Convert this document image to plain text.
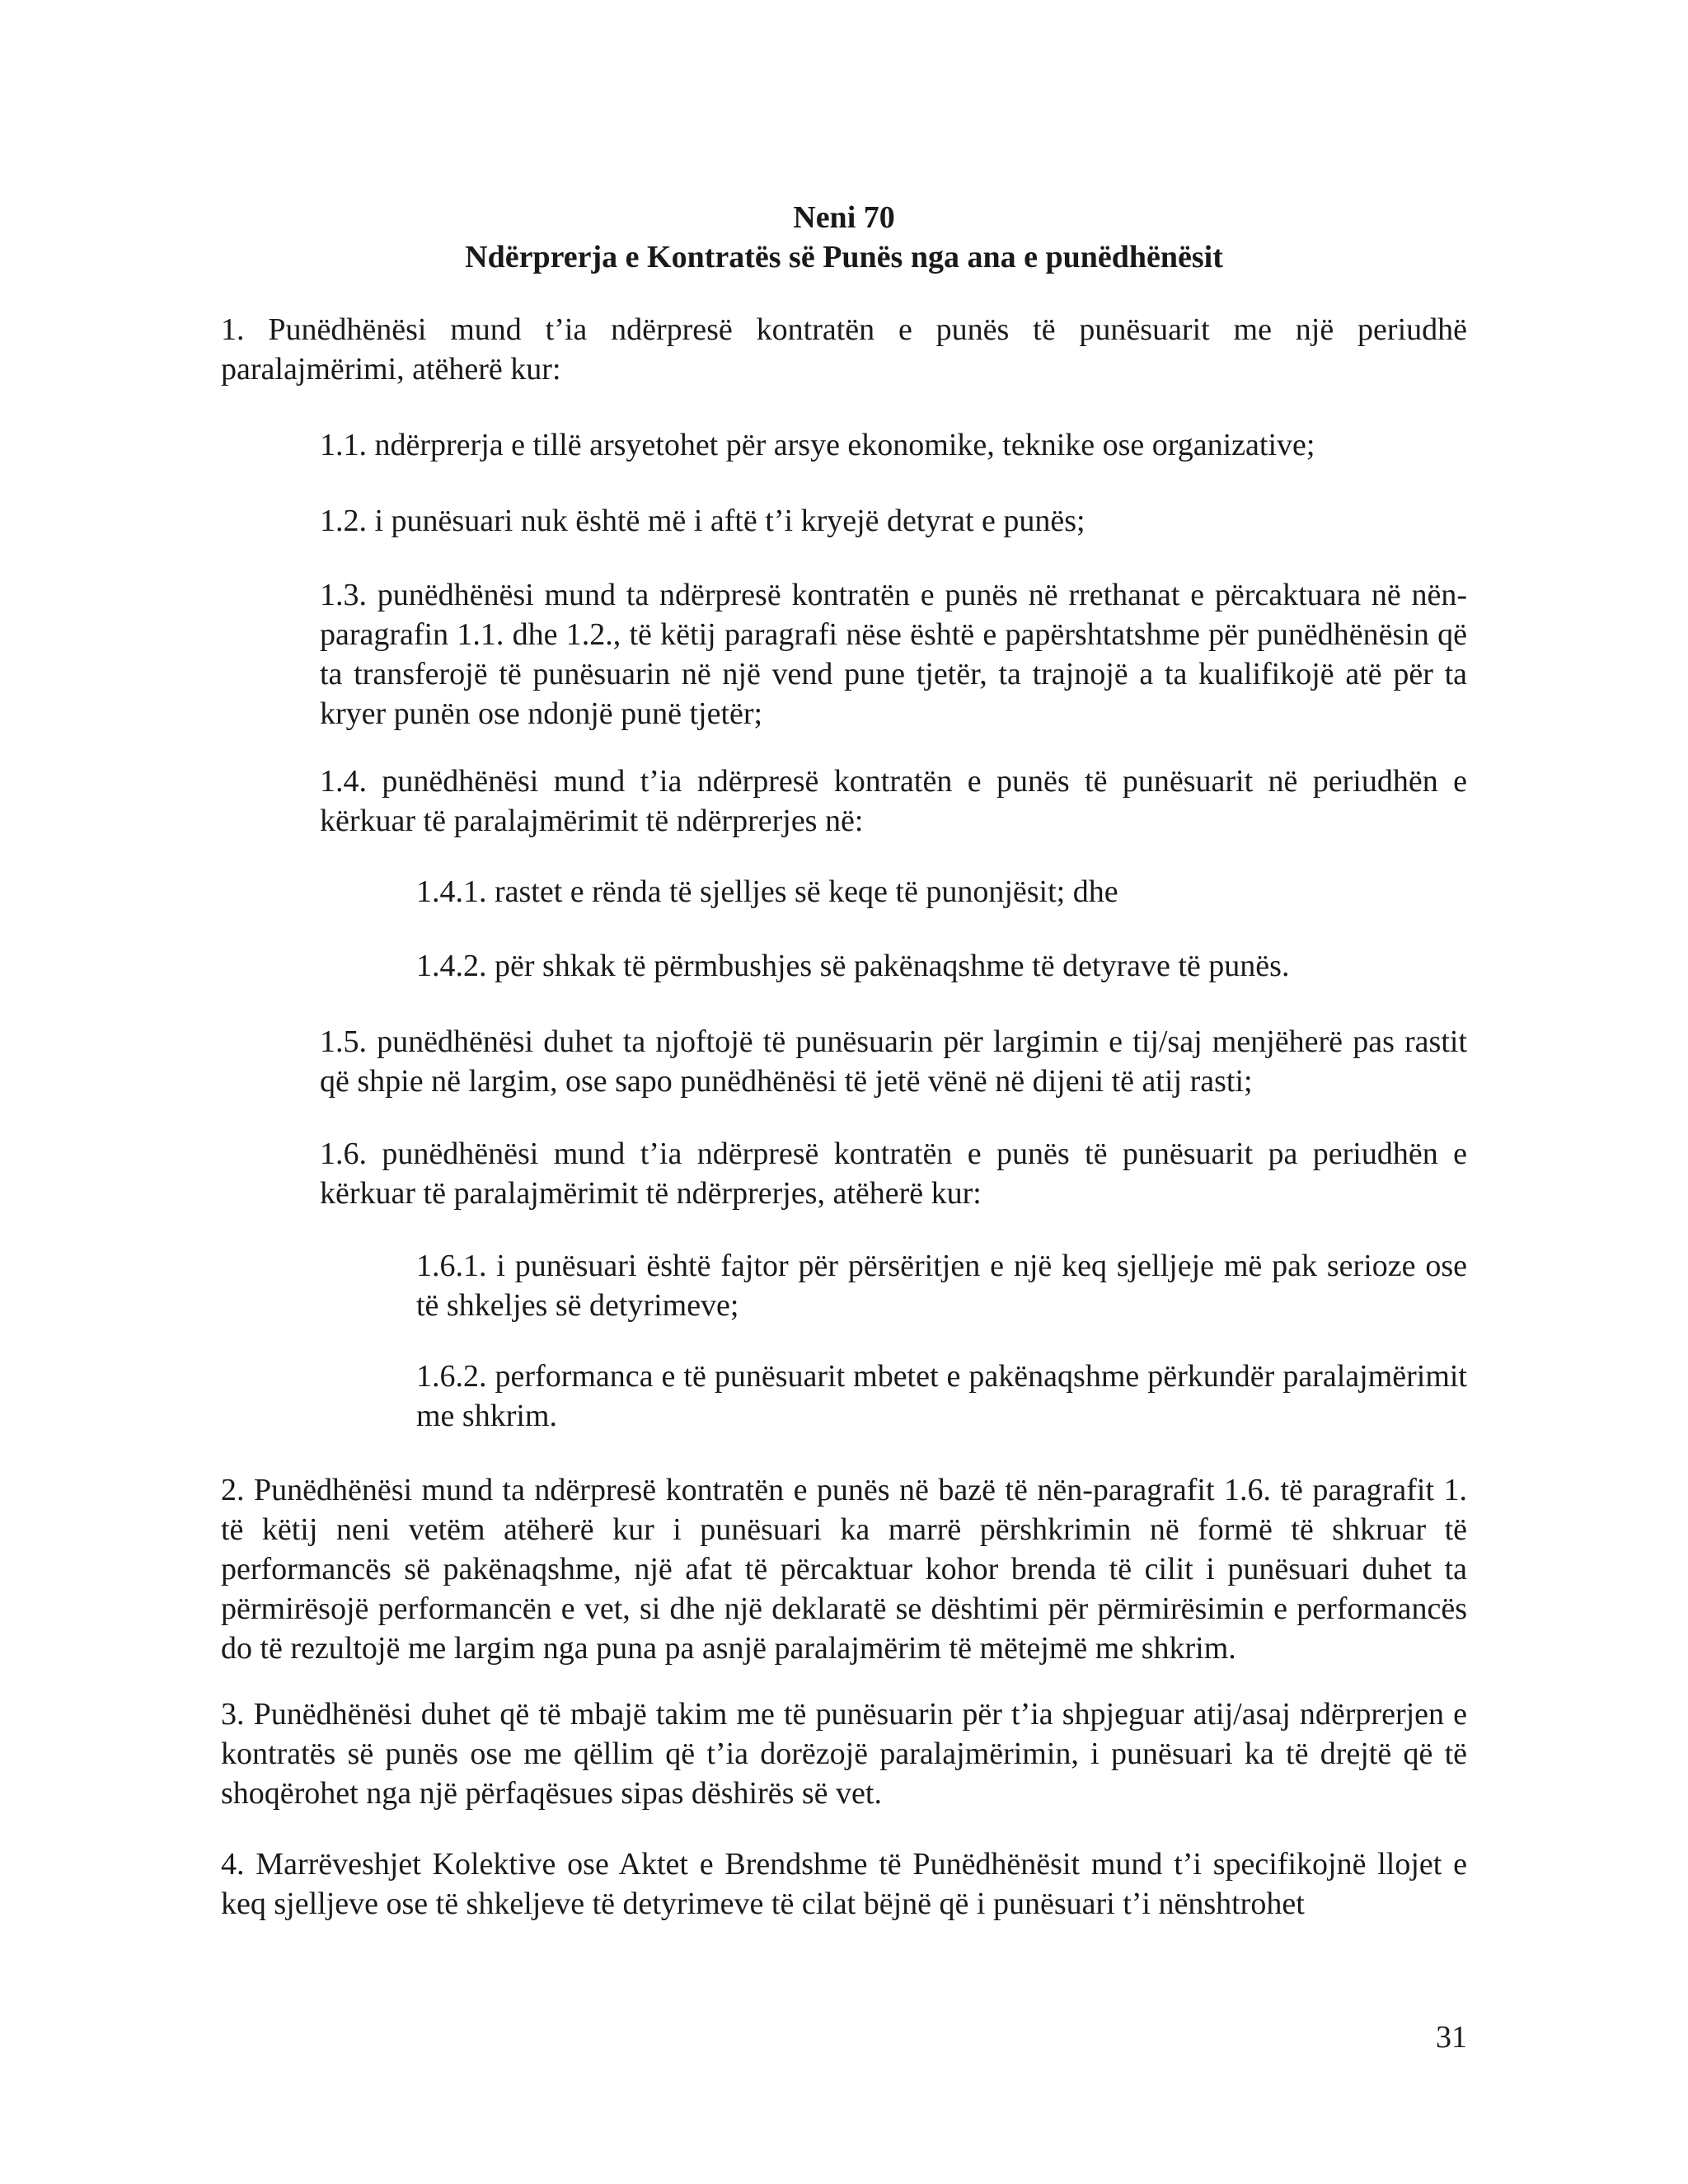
Neni 70
Ndërprerja e Kontratës së Punës nga ana e punëdhënësit
1. Punëdhënësi mund t’ia ndërpresë kontratën e punës të punësuarit me një periudhë paralajmërimi, atëherë kur:
1.1. ndërprerja e tillë arsyetohet për arsye ekonomike, teknike ose organizative;
1.2. i punësuari nuk është më i aftë t’i kryejë detyrat e punës;
1.3. punëdhënësi mund ta ndërpresë kontratën e punës në rrethanat e përcaktuara në nën-paragrafin 1.1. dhe 1.2., të këtij paragrafi nëse është e papërshtatshme për punëdhënësin që ta transferojë të punësuarin në një vend pune tjetër, ta trajnojë a ta kualifikojë atë për ta kryer punën ose ndonjë punë tjetër;
1.4. punëdhënësi mund t’ia ndërpresë kontratën e punës të punësuarit në periudhën e kërkuar të paralajmërimit të ndërprerjes në:
1.4.1. rastet e rënda të sjelljes së keqe të punonjësit; dhe
1.4.2. për shkak të përmbushjes së pakënaqshme të detyrave të punës.
1.5. punëdhënësi duhet ta njoftojë të punësuarin për largimin e tij/saj menjëherë pas rastit që shpie në largim, ose sapo punëdhënësi të jetë vënë në dijeni të atij rasti;
1.6. punëdhënësi mund t’ia ndërpresë kontratën e punës të punësuarit pa periudhën e kërkuar të paralajmërimit të ndërprerjes, atëherë kur:
1.6.1. i punësuari është fajtor për përsëritjen e një keq sjelljeje më pak serioze ose të shkeljes së detyrimeve;
1.6.2. performanca e të punësuarit mbetet e pakënaqshme përkundër paralajmërimit me shkrim.
2. Punëdhënësi mund ta ndërpresë kontratën e punës në bazë të nën-paragrafit 1.6. të paragrafit 1. të këtij neni vetëm atëherë kur i punësuari ka marrë përshkrimin në formë të shkruar të performancës së pakënaqshme, një afat të përcaktuar kohor brenda të cilit i punësuari duhet ta përmirësojë performancën e vet, si dhe një deklaratë se dështimi për përmirësimin e performancës do të rezultojë me largim nga puna pa asnjë paralajmërim të mëtejmë me shkrim.
3. Punëdhënësi duhet që të mbajë takim me të punësuarin për t’ia shpjeguar atij/asaj ndërprerjen e kontratës së punës ose me qëllim që t’ia dorëzojë paralajmërimin, i punësuari ka të drejtë që të shoqërohet nga një përfaqësues sipas dëshirës së vet.
4. Marrëveshjet Kolektive ose Aktet e Brendshme të Punëdhënësit mund t’i specifikojnë llojet e keq sjelljeve ose të shkeljeve të detyrimeve të cilat bëjnë që i punësuari t’i nënshtrohet
31
